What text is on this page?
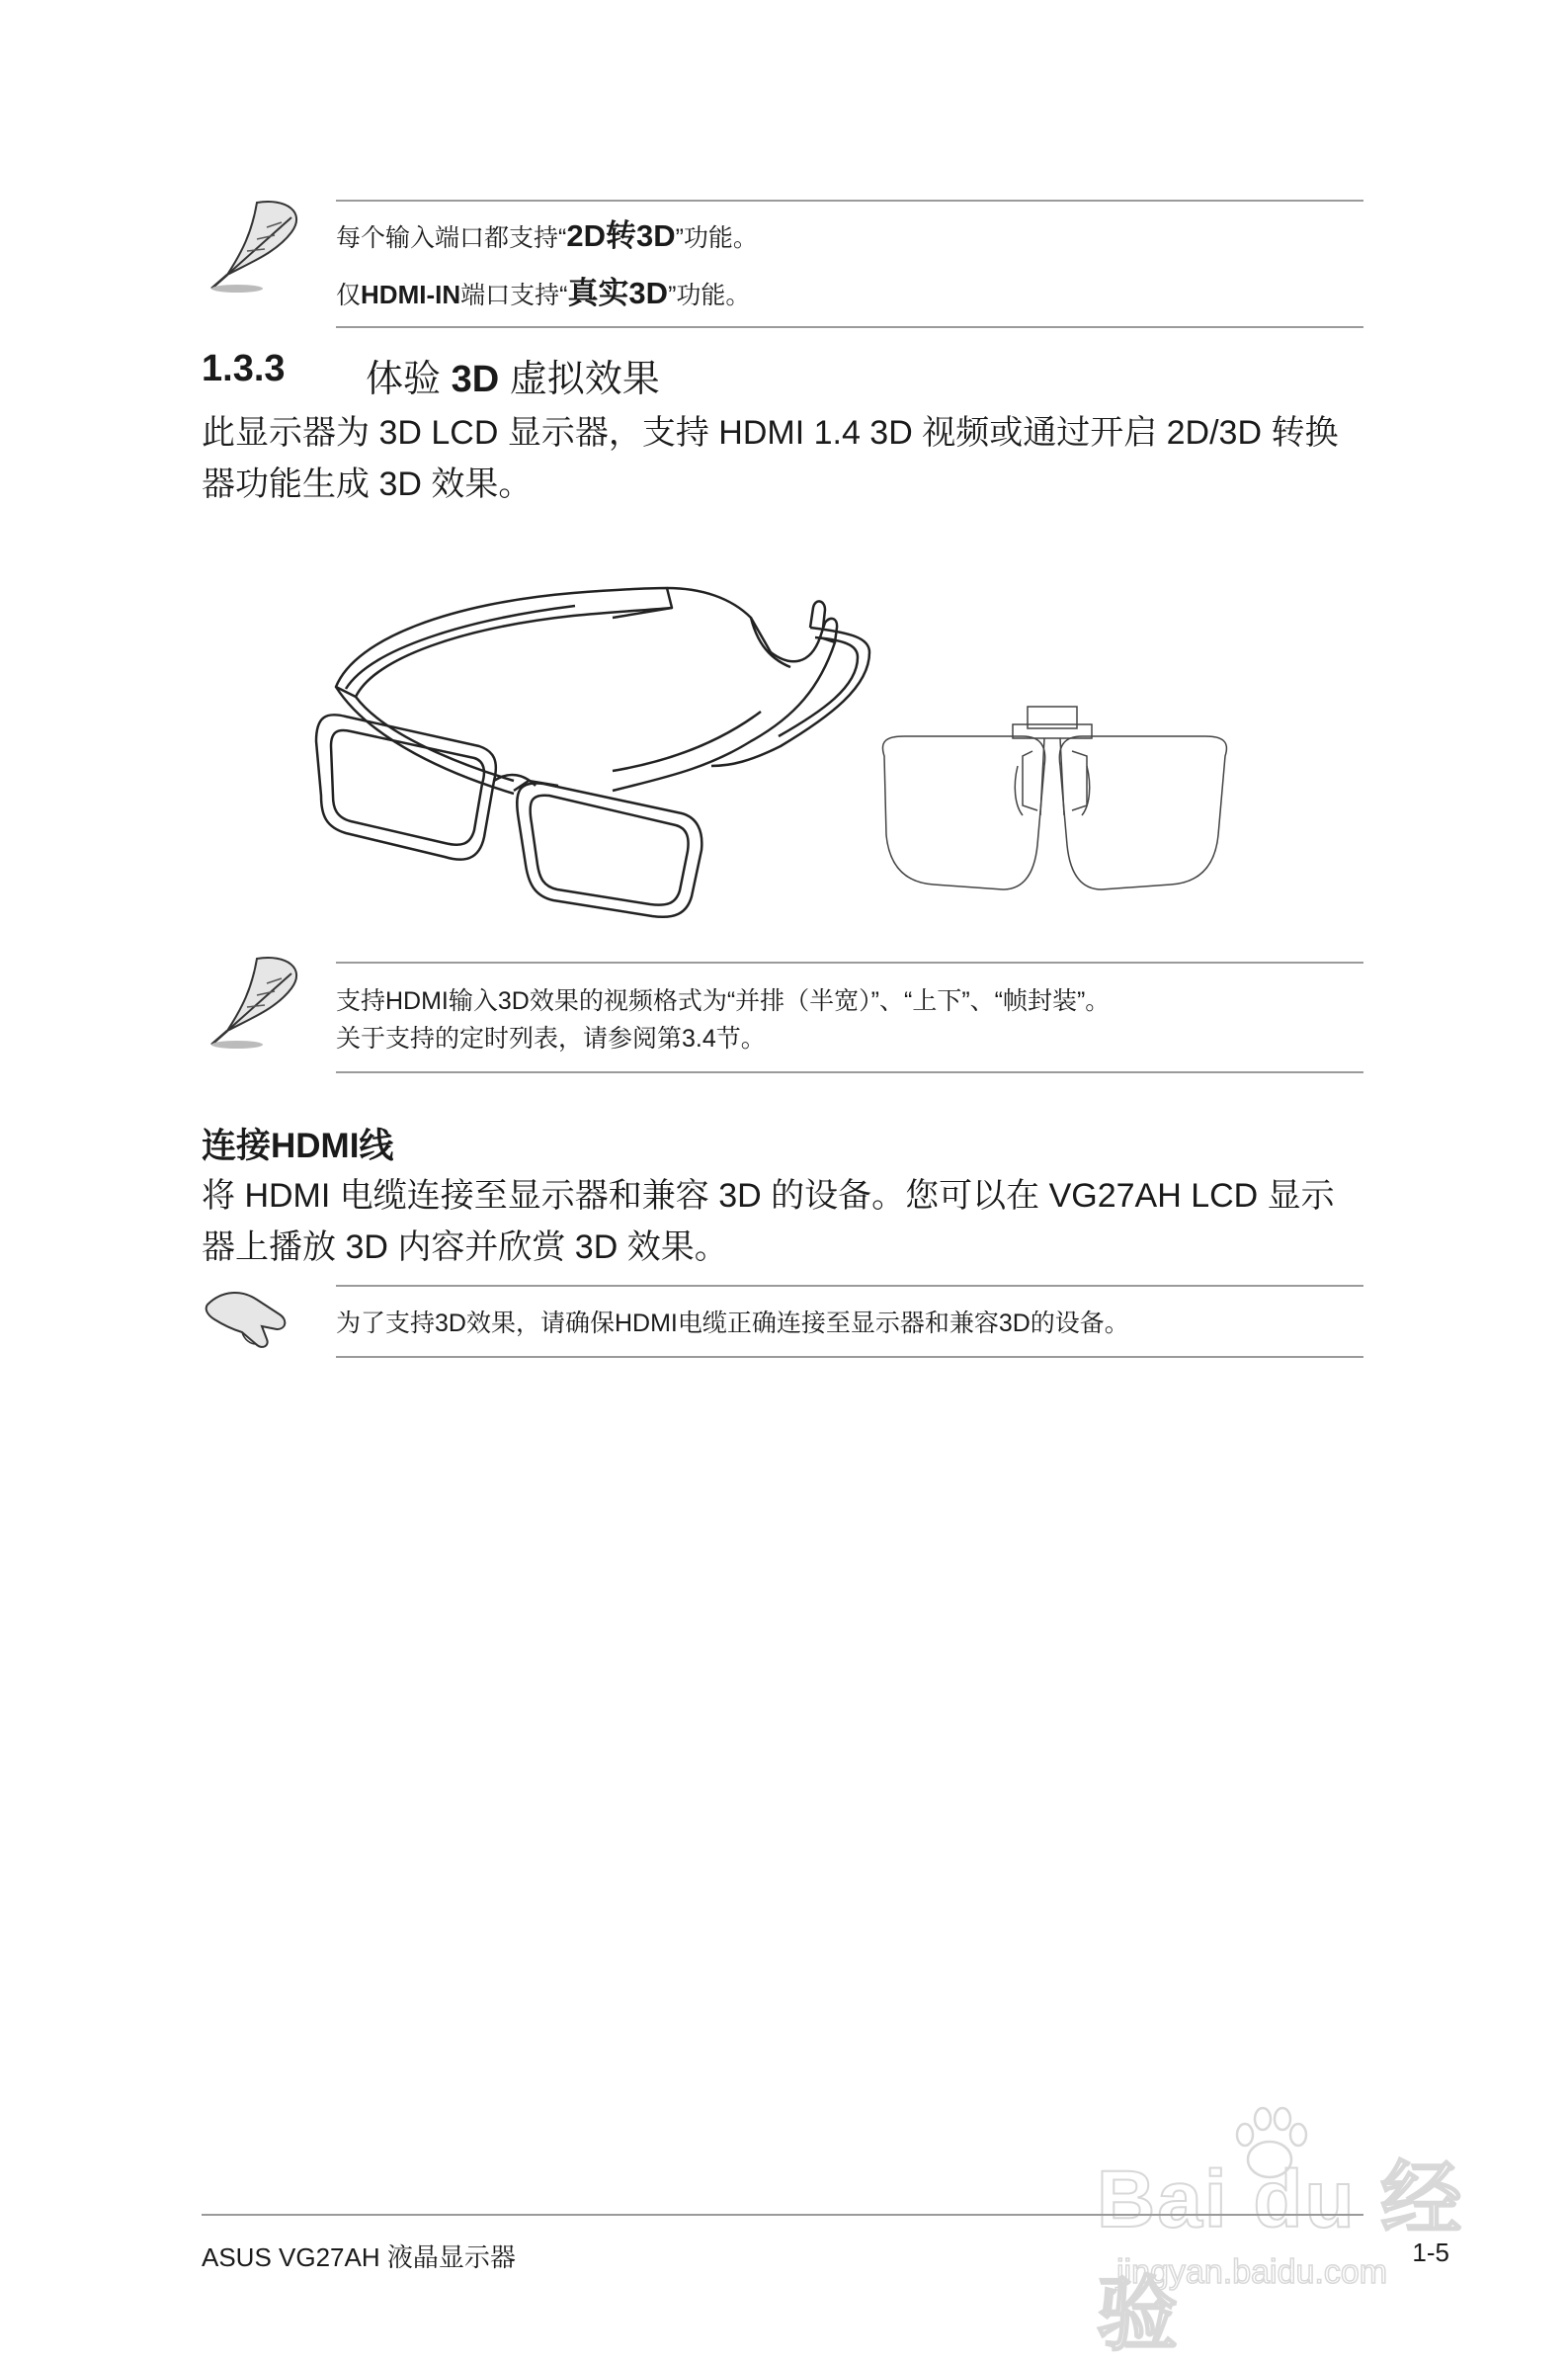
每个输入端口都支持“2D转3D”功能。
仅HDMI-IN端口支持“真实3D”功能。
1.3.3 体验 3D 虚拟效果
此显示器为 3D LCD 显示器，支持 HDMI 1.4 3D 视频或通过开启 2D/3D 转换器功能生成 3D 效果。
支持HDMI输入3D效果的视频格式为“并排（半宽）”、“上下”、“帧封装”。
关于支持的定时列表，请参阅第3.4节。
连接HDMI线
将 HDMI 电缆连接至显示器和兼容 3D 的设备。您可以在 VG27AH LCD 显示器上播放 3D 内容并欣赏 3D 效果。
为了支持3D效果，请确保HDMI电缆正确连接至显示器和兼容3D的设备。
Bai du 经验
jingyan.baidu.com
ASUS VG27AH 液晶显示器	1-5
